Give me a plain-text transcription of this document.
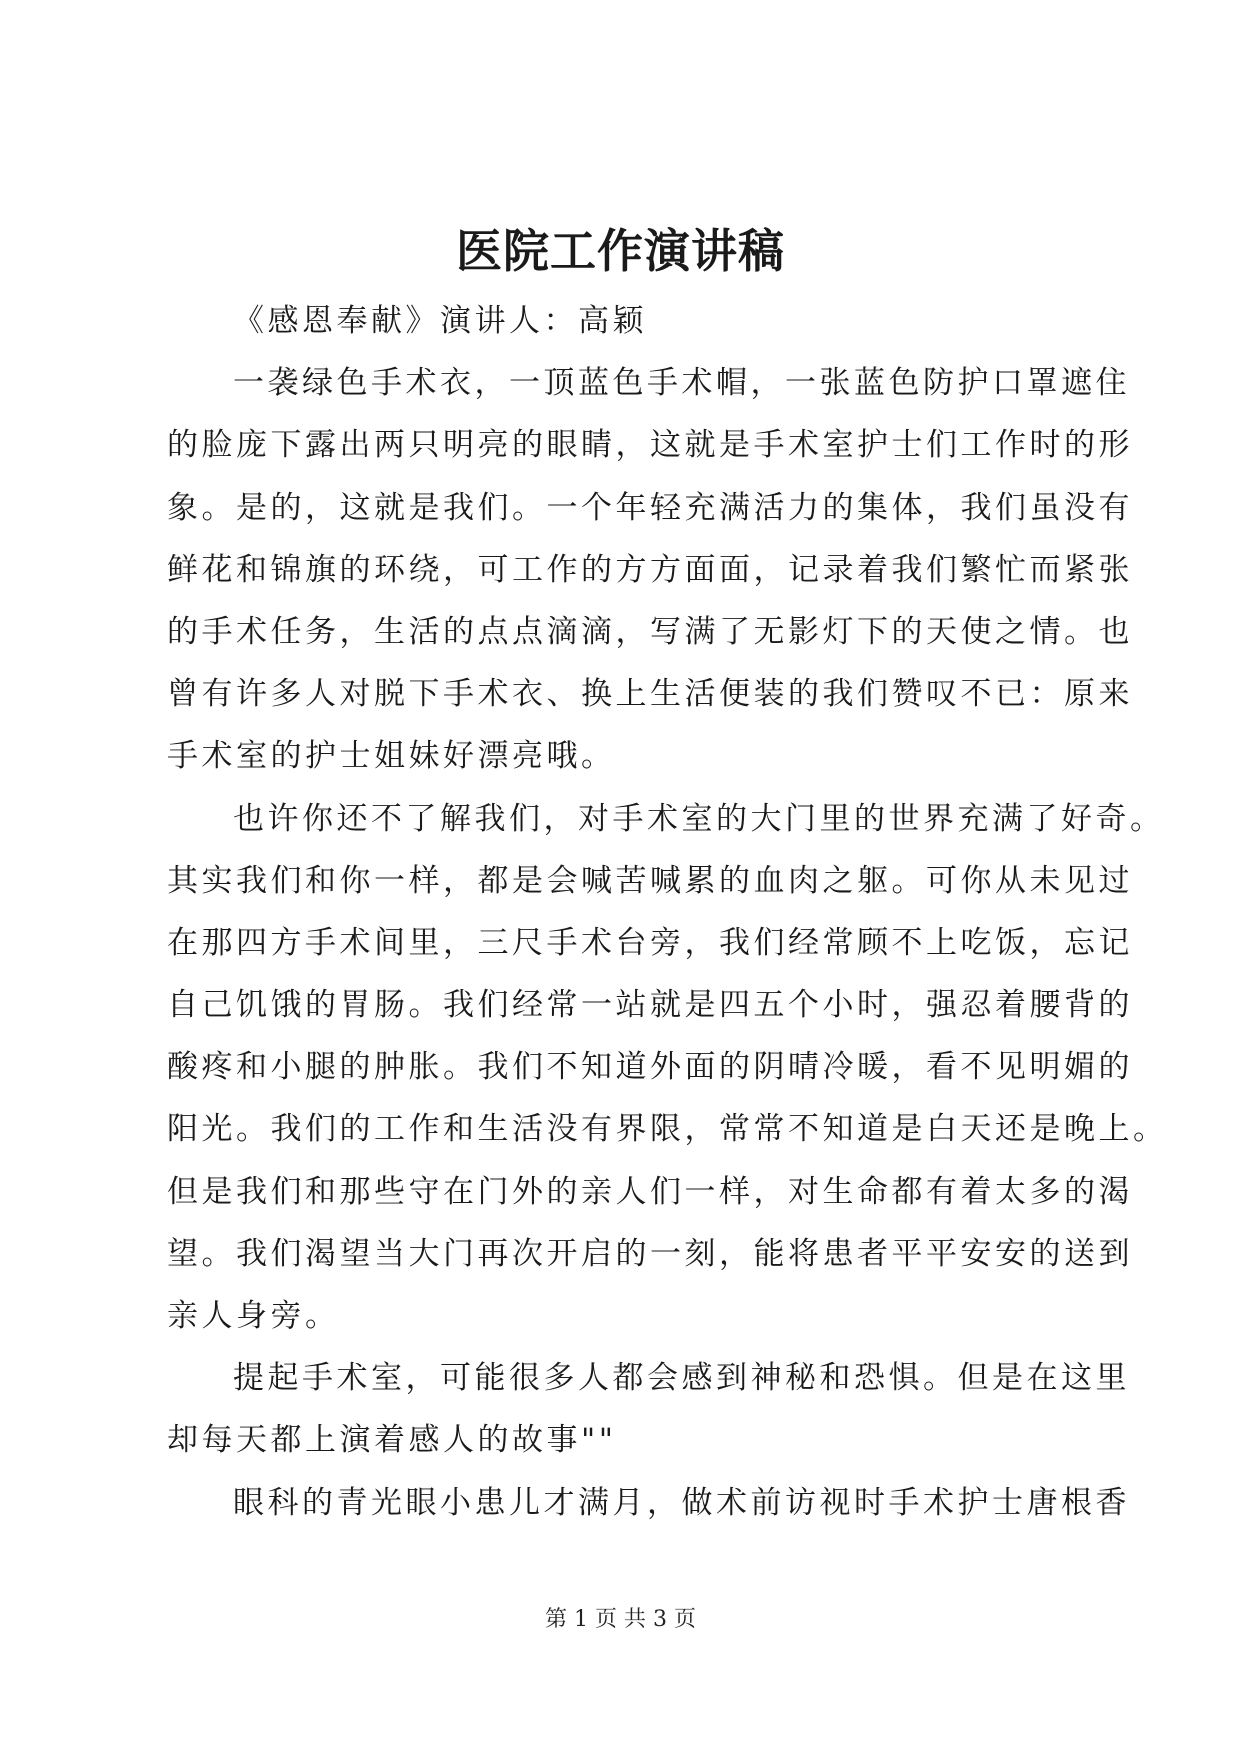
医院工作演讲稿
《感恩奉献》演讲人：高颖
一袭绿色手术衣，一顶蓝色手术帽，一张蓝色防护口罩遮住
的脸庞下露出两只明亮的眼睛，这就是手术室护士们工作时的形
象。是的，这就是我们。一个年轻充满活力的集体，我们虽没有
鲜花和锦旗的环绕，可工作的方方面面，记录着我们繁忙而紧张
的手术任务，生活的点点滴滴，写满了无影灯下的天使之情。也
曾有许多人对脱下手术衣、换上生活便装的我们赞叹不已：原来
手术室的护士姐妹好漂亮哦。
也许你还不了解我们，对手术室的大门里的世界充满了好奇。
其实我们和你一样，都是会喊苦喊累的血肉之躯。可你从未见过
在那四方手术间里，三尺手术台旁，我们经常顾不上吃饭，忘记
自己饥饿的胃肠。我们经常一站就是四五个小时，强忍着腰背的
酸疼和小腿的肿胀。我们不知道外面的阴晴冷暖，看不见明媚的
阳光。我们的工作和生活没有界限，常常不知道是白天还是晚上。
但是我们和那些守在门外的亲人们一样，对生命都有着太多的渴
望。我们渴望当大门再次开启的一刻，能将患者平平安安的送到
亲人身旁。
提起手术室，可能很多人都会感到神秘和恐惧。但是在这里
却每天都上演着感人的故事""
眼科的青光眼小患儿才满月，做术前访视时手术护士唐根香
第 1 页 共 3 页
